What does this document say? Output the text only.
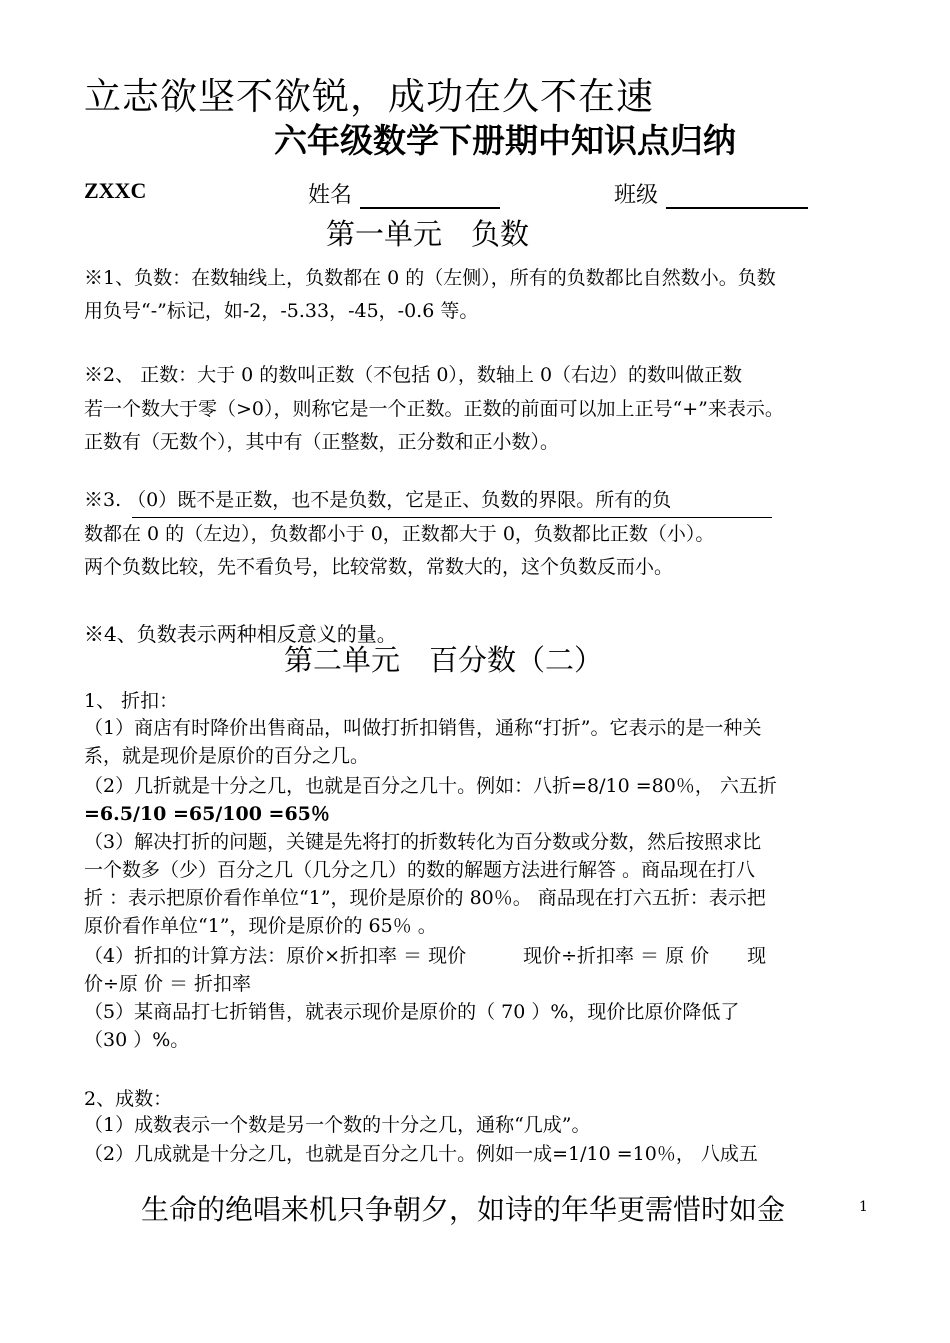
立志欲坚不欲锐，成功在久不在速
六年级数学下册期中知识点归纳
ZXXC	姓名	班级
第一单元　负数
※1、负数：在数轴线上，负数都在 0 的（左侧），所有的负数都比自然数小。负数
用负号“-”标记，如-2，-5.33，-45，-0.6 等。
※2、 正数：大于 0 的数叫正数（不包括 0），数轴上 0（右边）的数叫做正数
若一个数大于零（>0），则称它是一个正数。正数的前面可以加上正号“+”来表示。
正数有（无数个），其中有（正整数，正分数和正小数）。
※3. （0）既不是正数，也不是负数，它是正、负数的界限。所有的负
数都在 0 的（左边），负数都小于 0，正数都大于 0，负数都比正数（小）。
两个负数比较，先不看负号，比较常数，常数大的，这个负数反而小。
※4、负数表示两种相反意义的量。
第二单元　百分数（二）
1、 折扣：
（1）商店有时降价出售商品，叫做打折扣销售，通称“打折”。它表示的是一种关
系，就是现价是原价的百分之几。
（2）几折就是十分之几，也就是百分之几十。例如：八折=8/10 =80％， 六五折
=6.5/10 =65/100 =65％
（3）解决打折的问题，关键是先将打的折数转化为百分数或分数，然后按照求比
一个数多（少）百分之几（几分之几）的数的解题方法进行解答 。商品现在打八
折 ：表示把原价看作单位“1”，现价是原价的 80％。 商品现在打六五折：表示把
原价看作单位“1”，现价是原价的 65％ 。
（4）折扣的计算方法：原价×折扣率 ＝ 现价　　　现价÷折扣率 ＝ 原 价　　现
价÷原 价 ＝ 折扣率
（5）某商品打七折销售，就表示现价是原价的（ 70 ）%，现价比原价降低了
（30 ）%。
2、成数：
（1）成数表示一个数是另一个数的十分之几，通称“几成”。
（2）几成就是十分之几，也就是百分之几十。例如一成=1/10 =10％， 八成五
生命的绝唱来机只争朝夕，如诗的年华更需惜时如金	1
